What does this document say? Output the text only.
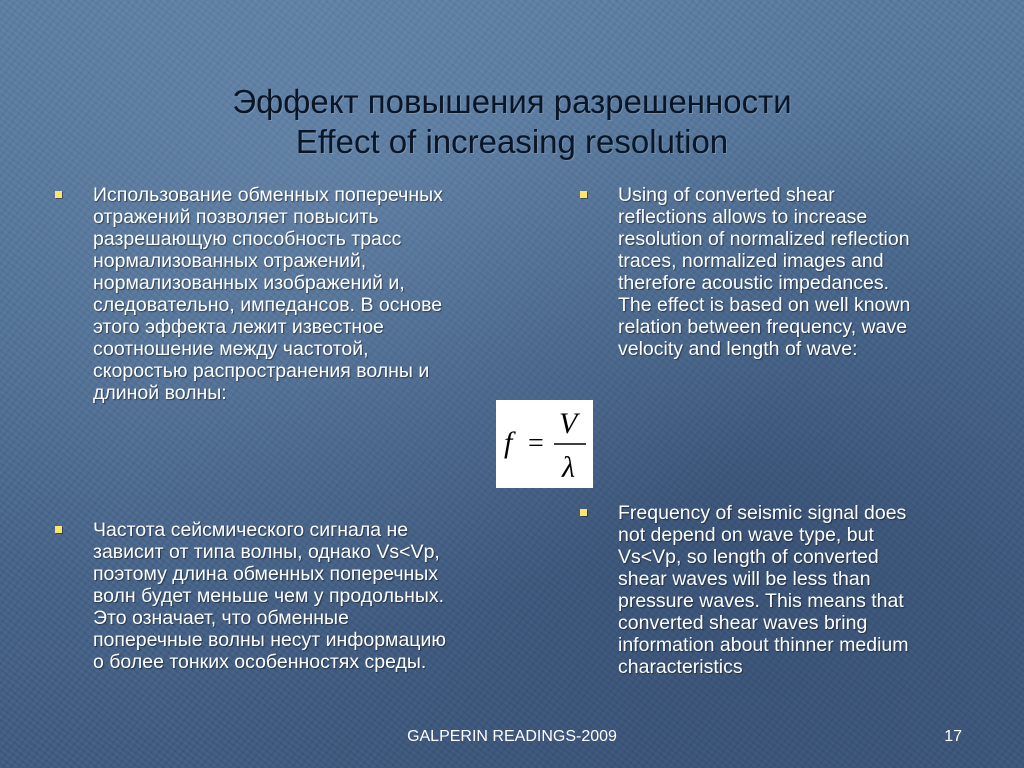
Эффект повышения разрешенности
Effect of increasing resolution
Использование обменных поперечных
отражений позволяет повысить
разрешающую способность трасс
нормализованных отражений,
нормализованных изображений и,
следовательно, импедансов. В основе
этого эффекта лежит известное
соотношение между частотой,
скоростью распространения волны и
длиной волны:
Частота сейсмического сигнала не
зависит от типа волны, однако Vs<Vp,
поэтому длина обменных поперечных
волн будет меньше чем у продольных.
Это означает, что обменные
поперечные волны несут информацию
о более тонких особенностях среды.
Using of converted shear
reflections allows to increase
resolution of normalized reflection
traces, normalized images and
therefore acoustic impedances.
The effect is based on well known
relation between frequency, wave
velocity and length of wave:
Frequency of seismic signal does
not depend on wave type, but
Vs<Vp, so length of converted
shear waves will be less than
pressure waves. This means that
converted shear waves bring
information about thinner medium
characteristics
f =
V
λ
GALPERIN READINGS-2009	17
